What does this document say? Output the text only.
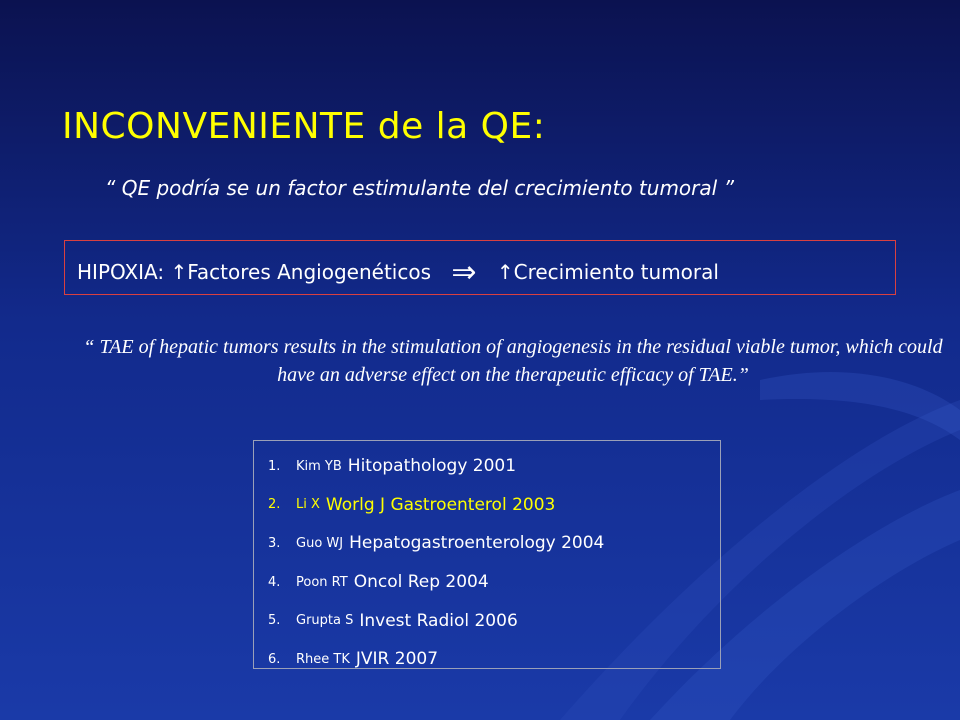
INCONVENIENTE de la QE:
“ QE podría se un factor estimulante del crecimiento tumoral ”
HIPOXIA: ↑Factores Angiogenéticos ⇒ ↑Crecimiento tumoral
“ TAE of hepatic tumors results in the stimulation of angiogenesis in the residual viable tumor, which could have an adverse effect on the therapeutic efficacy of TAE.”
1.	Kim YB Hitopathology 2001
2.	Li X Worlg J Gastroenterol 2003
3.	Guo WJ Hepatogastroenterology 2004
4.	Poon RT Oncol Rep 2004
5.	Grupta S Invest Radiol 2006
6.	Rhee TK JVIR 2007
